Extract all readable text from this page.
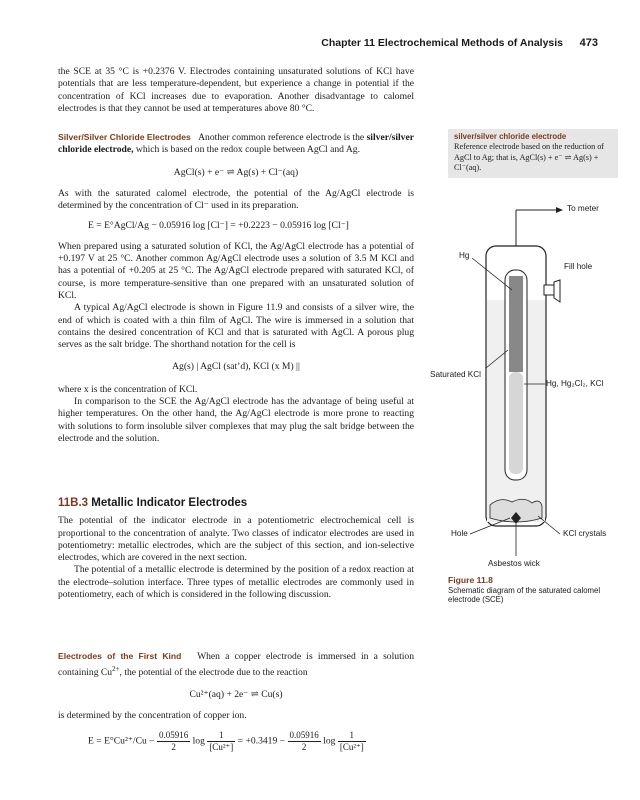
Chapter 11 Electrochemical Methods of Analysis 473

the SCE at 35 °C is +0.2376 V. Electrodes containing unsaturated solutions of KCl have potentials that are less temperature-dependent, but experience a change in potential if the concentration of KCl increases due to evaporation. Another disadvantage to calomel electrodes is that they cannot be used at temperatures above 80 °C.

Silver/Silver Chloride Electrodes Another common reference electrode is the silver/silver chloride electrode, which is based on the redox couple between AgCl and Ag.

AgCl(s) + e⁻ ⇌ Ag(s) + Cl⁻(aq)

As with the saturated calomel electrode, the potential of the Ag/AgCl electrode is determined by the concentration of Cl⁻ used in its preparation.

E = E°AgCl/Ag − 0.05916 log [Cl⁻] = +0.2223 − 0.05916 log [Cl⁻]

When prepared using a saturated solution of KCl, the Ag/AgCl electrode has a potential of +0.197 V at 25 °C. Another common Ag/AgCl electrode uses a solution of 3.5 M KCl and has a potential of +0.205 at 25 °C. The Ag/AgCl electrode prepared with saturated KCl, of course, is more temperature-sensitive than one prepared with an unsaturated solution of KCl.

A typical Ag/AgCl electrode is shown in Figure 11.9 and consists of a silver wire, the end of which is coated with a thin film of AgCl. The wire is immersed in a solution that contains the desired concentration of KCl and that is saturated with AgCl. A porous plug serves as the salt bridge. The shorthand notation for the cell is

Ag(s) | AgCl (sat’d), KCl (x M) ||

where x is the concentration of KCl.

In comparison to the SCE the Ag/AgCl electrode has the advantage of being useful at higher temperatures. On the other hand, the Ag/AgCl electrode is more prone to reacting with solutions to form insoluble silver complexes that may plug the salt bridge between the electrode and the solution.

11B.3 Metallic Indicator Electrodes

The potential of the indicator electrode in a potentiometric electrochemical cell is proportional to the concentration of analyte. Two classes of indicator electrodes are used in potentiometry: metallic electrodes, which are the subject of this section, and ion-selective electrodes, which are covered in the next section.

The potential of a metallic electrode is determined by the position of a redox reaction at the electrode–solution interface. Three types of metallic electrodes are commonly used in potentiometry, each of which is considered in the following discussion.

Electrodes of the First Kind When a copper electrode is immersed in a solution containing $Cu^{2+}$, the potential of the electrode due to the reaction

Cu²⁺(aq) + 2e⁻ ⇌ Cu(s)

is determined by the concentration of copper ion.

$E = E^\circ Cu^{2+}/Cu - \frac{0.05916}{2}$ $\log \frac{1}{\text{[Cu²⁺]}} = +0.3419 - \frac{0.05916}{2}$ $\log \frac{1}{\text{[Cu²⁺]}}$
silver/silver chloride electrode
Reference electrode based on the reduction of AgCl to Ag; that is, AgCl(s) + e⁻ ⇌ Ag(s) + Cl⁻(aq).
To meter
Hg
Fill hole
Saturated KCl
Hg, Hg₂Cl₂, KCl
Hole	KCl crystals
Asbestos wick
Figure 11.8
Schematic diagram of the saturated calomel electrode (SCE)
